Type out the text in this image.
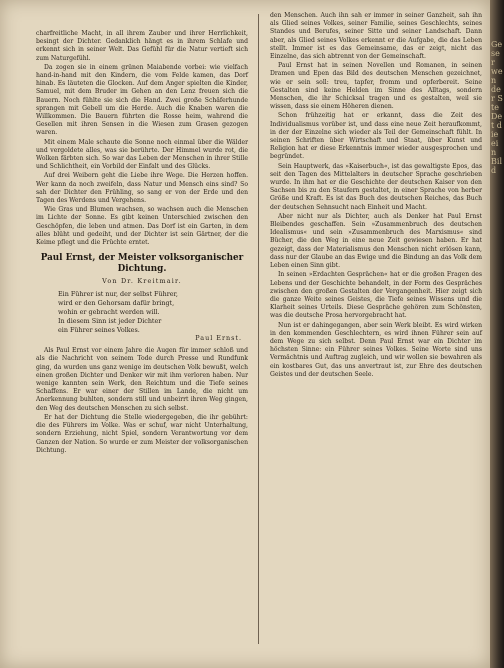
charfreitliche Macht, in all ihrem Zauber und ihrer Herrlichkeit, besingt der Dichter. Gedanklich hängt es in ihrem Schlafe und erkennt sich in seiner Welt. Das Gefühl für die Natur vertieft sich zum Naturgefühl.

Da zogen sie in einem grünen Maiabende vorbei: wie vielfach hand-in-hand mit den Kindern, die vom Felde kamen, das Dorf hinab. Es läuteten die Glocken. Auf dem Anger spielten die Kinder, Samuel, mit dem Bruder im Gehen an den Lenz freuen sich die Bauern. Noch fühlte sie sich die Hand. Zwei große Schäferhunde sprangen mit Gebell um die Herde. Auch die Knaben waren die Willkommen. Die Bauern führten die Rosse heim, wahrend die Gesellen mit ihren Sensen in die Wiesen zum Grasen gezogen waren.

Mit einem Male schaute die Sonne noch einmal über die Wälder und vergoldete alles, was sie berührte. Der Himmel wurde rot, die Wolken färbten sich. So war das Leben der Menschen in ihrer Stille und Schlichtheit, ein Vorbild der Einfalt und des Glücks.

Auf drei Weibern geht die Liebe ihre Wege. Die Herzen hoffen. Wer kann da noch zweifeln, dass Natur und Mensch eins sind? So sah der Dichter den Frühling, so sang er von der Erde und den Tagen des Werdens und Vergehens.

Wie Gras und Blumen wachsen, so wachsen auch die Menschen im Lichte der Sonne. Es gibt keinen Unterschied zwischen den Geschöpfen, die leben und atmen. Das Dorf ist ein Garten, in dem alles blüht und gedeiht, und der Dichter ist sein Gärtner, der die Keime pflegt und die Früchte erntet.

Paul Ernst, der Meister volksorganischer Dichtung.
Von Dr. Kreitmair.
Ein Führer ist nur, der selbst Führer,
wird er den Gehorsam dafür bringt,
wohin er gebracht werden will.
In diesem Sinn ist jeder Dichter
ein Führer seines Volkes.
Paul Ernst.

Als Paul Ernst vor einem Jahre die Augen für immer schloß und als die Nachricht von seinem Tode durch Presse und Rundfunk ging, da wurden uns ganz wenige im deutschen Volk bewußt, welch einen großen Dichter und Denker wir mit ihm verloren haben. Nur wenige kannten sein Werk, den Reichtum und die Tiefe seines Schaffens. Er war einer der Stillen im Lande, die nicht um Anerkennung buhlten, sondern still und unbeirrt ihren Weg gingen, den Weg des deutschen Menschen zu sich selbst.

Er hat der Dichtung die Stelle wiedergegeben, die ihr gebührt: die des Führers im Volke. Was er schuf, war nicht Unterhaltung, sondern Erziehung, nicht Spiel, sondern Verantwortung vor dem Ganzen der Nation. So wurde er zum Meister der volksorganischen Dichtung.

den Menschen. Auch ihn sah er immer in seiner Ganzheit, sah ihn als Glied seines Volkes, seiner Familie, seines Geschlechts, seines Standes und Berufes, seiner Sitte und seiner Landschaft. Dann aber, als Glied seines Volkes erkennt er die Aufgabe, die das Leben stellt. Immer ist es das Gemeinsame, das er zeigt, nicht das Einzelne, das sich abtrennt von der Gemeinschaft.

Paul Ernst hat in seinen Novellen und Romanen, in seinen Dramen und Epen das Bild des deutschen Menschen gezeichnet, wie er sein soll: treu, tapfer, fromm und opferbereit. Seine Gestalten sind keine Helden im Sinne des Alltags, sondern Menschen, die ihr Schicksal tragen und es gestalten, weil sie wissen, dass sie einem Höheren dienen.

Schon frühzeitig hat er erkannt, dass die Zeit des Individualismus vorüber ist, und dass eine neue Zeit heraufkommt, in der der Einzelne sich wieder als Teil der Gemeinschaft fühlt. In seinen Schriften über Wirtschaft und Staat, über Kunst und Religion hat er diese Erkenntnis immer wieder ausgesprochen und begründet.

Sein Hauptwerk, das »Kaiserbuch«, ist das gewaltigste Epos, das seit den Tagen des Mittelalters in deutscher Sprache geschrieben wurde. In ihm hat er die Geschichte der deutschen Kaiser von den Sachsen bis zu den Staufern gestaltet, in einer Sprache von herber Größe und Kraft. Es ist das Buch des deutschen Reiches, das Buch der deutschen Sehnsucht nach Einheit und Macht.

Aber nicht nur als Dichter, auch als Denker hat Paul Ernst Bleibendes geschaffen. Sein »Zusammenbruch des deutschen Idealismus« und sein »Zusammenbruch des Marxismus« sind Bücher, die den Weg in eine neue Zeit gewiesen haben. Er hat gezeigt, dass der Materialismus den Menschen nicht erlösen kann, dass nur der Glaube an das Ewige und die Bindung an das Volk dem Leben einen Sinn gibt.

In seinen »Erdachten Gesprächen« hat er die großen Fragen des Lebens und der Geschichte behandelt, in der Form des Gespräches zwischen den großen Gestalten der Vergangenheit. Hier zeigt sich die ganze Weite seines Geistes, die Tiefe seines Wissens und die Klarheit seines Urteils. Diese Gespräche gehören zum Schönsten, was die deutsche Prosa hervorgebracht hat.

Nun ist er dahingegangen, aber sein Werk bleibt. Es wird wirken in den kommenden Geschlechtern, es wird ihnen Führer sein auf dem Wege zu sich selbst. Denn Paul Ernst war ein Dichter im höchsten Sinne: ein Führer seines Volkes. Seine Worte sind uns Vermächtnis und Auftrag zugleich, und wir wollen sie bewahren als ein kostbares Gut, das uns anvertraut ist, zur Ehre des deutschen Geistes und der deutschen Seele.

Ge ser wen der Ste Det die ein Bild
